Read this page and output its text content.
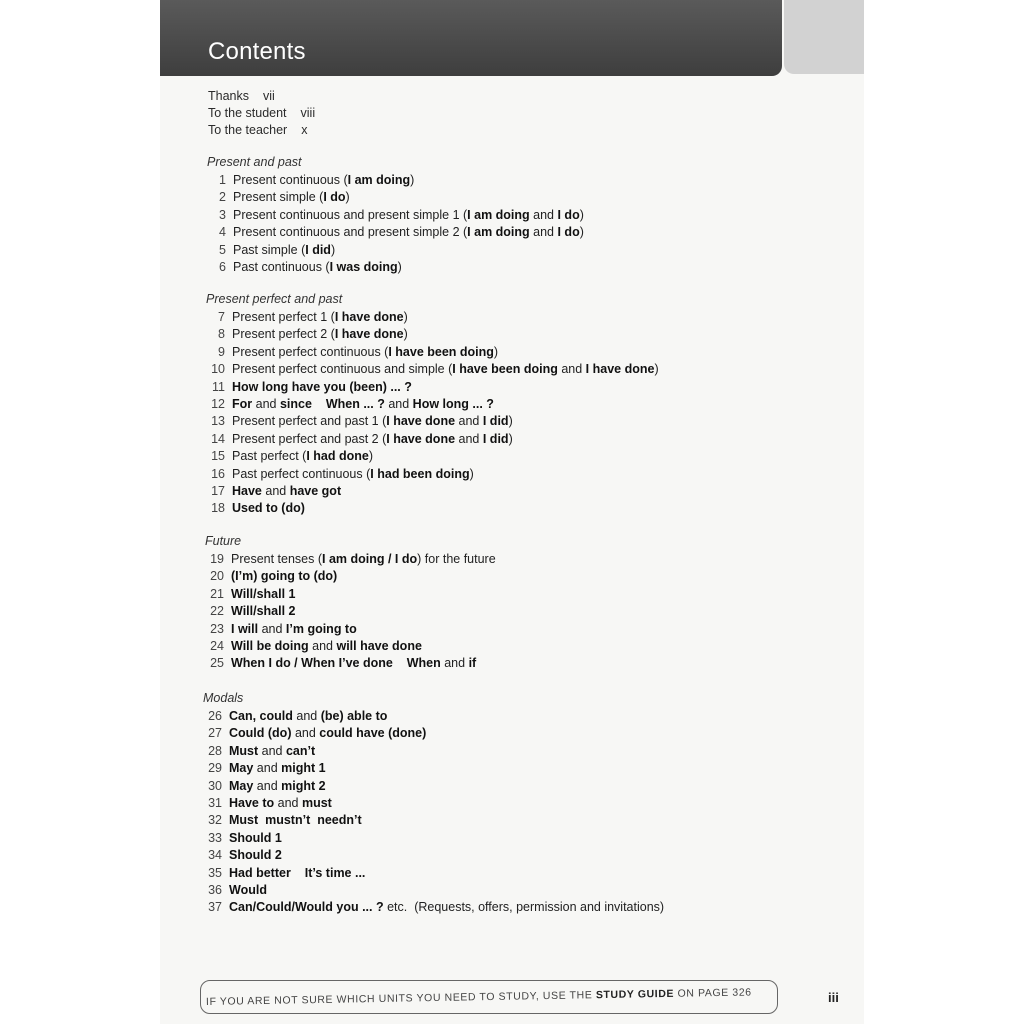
Contents
Thanks vii
To the student viii
To the teacher x
Present and past
1 Present continuous (I am doing)
2 Present simple (I do)
3 Present continuous and present simple 1 (I am doing and I do)
4 Present continuous and present simple 2 (I am doing and I do)
5 Past simple (I did)
6 Past continuous (I was doing)
Present perfect and past
7 Present perfect 1 (I have done)
8 Present perfect 2 (I have done)
9 Present perfect continuous (I have been doing)
10 Present perfect continuous and simple (I have been doing and I have done)
11 How long have you (been) ... ?
12 For and since When ... ? and How long ... ?
13 Present perfect and past 1 (I have done and I did)
14 Present perfect and past 2 (I have done and I did)
15 Past perfect (I had done)
16 Past perfect continuous (I had been doing)
17 Have and have got
18 Used to (do)
Future
19 Present tenses (I am doing / I do) for the future
20 (I’m) going to (do)
21 Will/shall 1
22 Will/shall 2
23 I will and I’m going to
24 Will be doing and will have done
25 When I do / When I’ve done When and if
Modals
26 Can, could and (be) able to
27 Could (do) and could have (done)
28 Must and can’t
29 May and might 1
30 May and might 2
31 Have to and must
32 Must  mustn’t  needn’t
33 Should 1
34 Should 2
35 Had better It’s time ...
36 Would
37 Can/Could/Would you ... ? etc.  (Requests, offers, permission and invitations)
IF YOU ARE NOT SURE WHICH UNITS YOU NEED TO STUDY, USE THE STUDY GUIDE ON PAGE 326	iii
